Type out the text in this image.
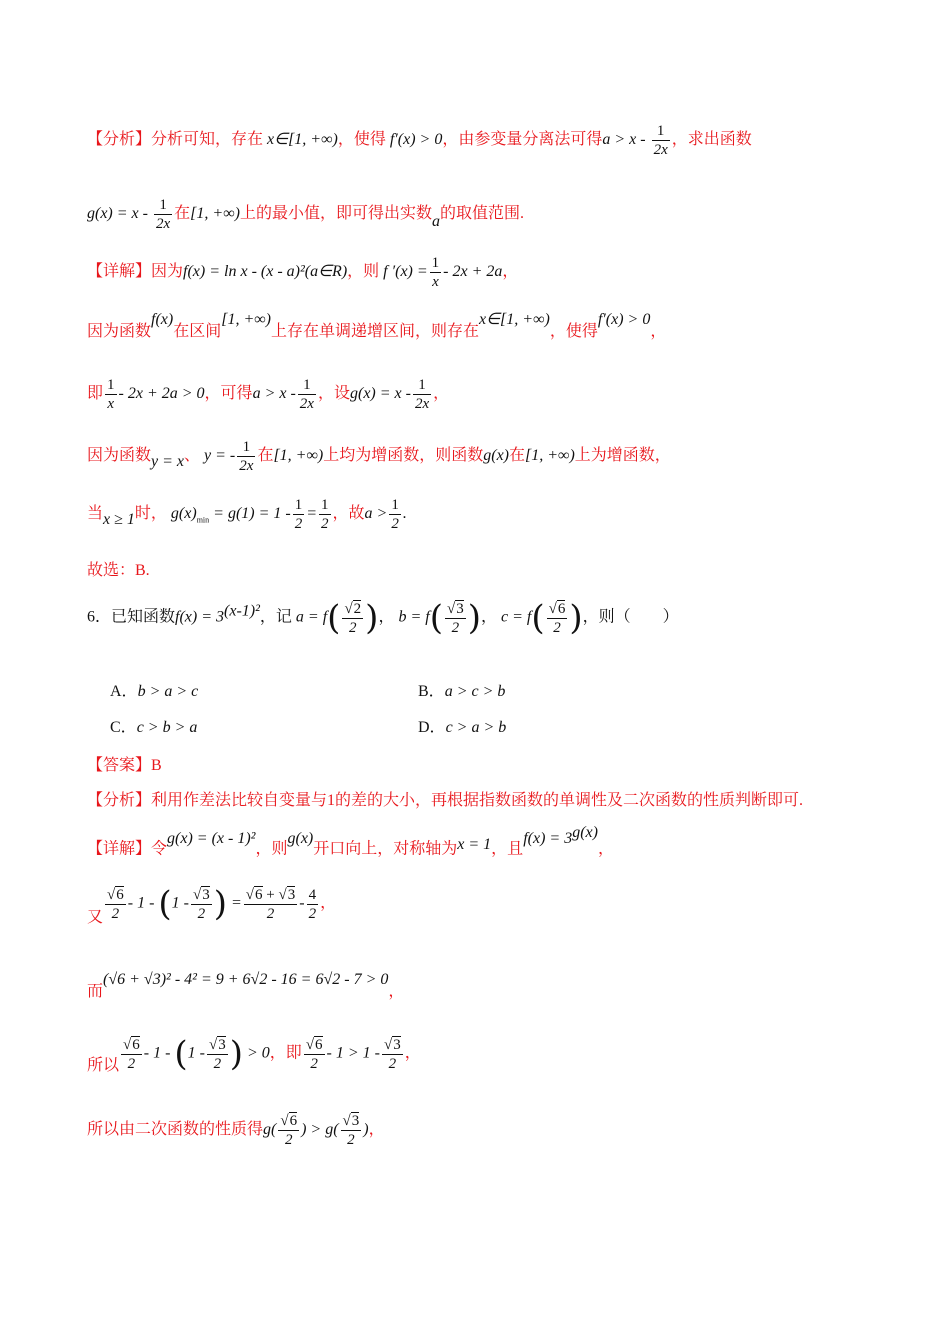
【分析】分析可知，存在 x∈[1, +∞)，使得 f′(x) > 0，由参变量分离法可得$a > x - \frac{1}{2x}$ ，求出函数
$g(x) = x - \frac{1}{2x}$ 在[1, +∞)上的最小值，即可得出实数a的取值范围.
【详解】因为f(x) = ln x - (x - a)²(a∈R)，则 f $'(x) = \frac{1}{x} - 2x + 2a$，
因为函数f(x)在区间[1, +∞)上存在单调递增区间，则存在x∈[1, +∞)，使得f′(x) > 0，
即 $\frac{1}{x} - 2x + 2a > 0$，可得$a > x - \frac{1}{2x}$ ，设$g(x) = x - \frac{1}{2x}$ ，
因为函数y = x、 y = - $\frac{1}{2x}$ 在[1, +∞)上均为增函数，则函数g(x)在[1, +∞)上为增函数，
当x ≥ 1时， $g(x)_{min} = g(1) = 1 - \frac{1}{2} = \frac{1}{2}$ ，故$a > \frac{1}{2}$ .
故选：B.
6．已知函数$f(x) = 3^{(x-1)^2}$，记 $a = f( \frac{√2}{2}$ )， $b = f( \frac{√3}{2}$ )， $c = f( \frac{√6}{2}$ )，则（　　）
A．b > a > c	B．a > c > b
C．c > b > a	D．c > a > b
【答案】B
【分析】利用作差法比较自变量与1的差的大小，再根据指数函数的单调性及二次函数的性质判断即可.
【详解】令g(x) = (x - 1)²，则g(x)开口向上，对称轴为x = 1，且$f(x) = 3^{g(x)}$，
又 $\frac{√6}{2} - 1 - (1 - \frac{√3}{2}$ ) = $\frac{√6 + √3}{2} - \frac{4}{2}$ ，
而(√6 + √3)² - 4² = 9 + 6√2 - 16 = 6√2 - 7 > 0，
所以 $\frac{√6}{2} - 1 - (1 - \frac{√3}{2}$ ) > 0，即 $\frac{√6}{2} - 1 > 1 - \frac{√3}{2}$ ，
所以由二次函数的性质得$g( \frac{√6}{2}$ ) > $g( \frac{√3}{2}$ )，
